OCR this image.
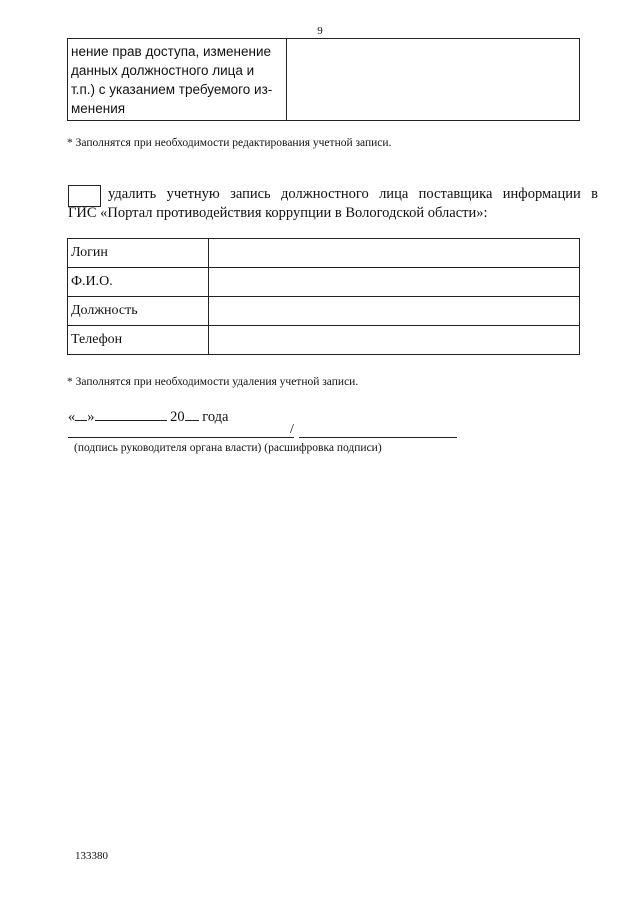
9
нение прав доступа, изменение
данных должностного лица и
т.п.) с указанием требуемого из-
менения

* Заполнятся при необходимости редактирования учетной записи.
удалить учетную запись должностного лица поставщика информации в
ГИС «Портал противодействия коррупции в Вологодской области»:
Логин	
Ф.И.О.	
Должность	
Телефон	
* Заполнятся при необходимости удаления учетной записи.
« »	20 года
/
(подпись руководителя органа власти) (расшифровка подписи)
133380
